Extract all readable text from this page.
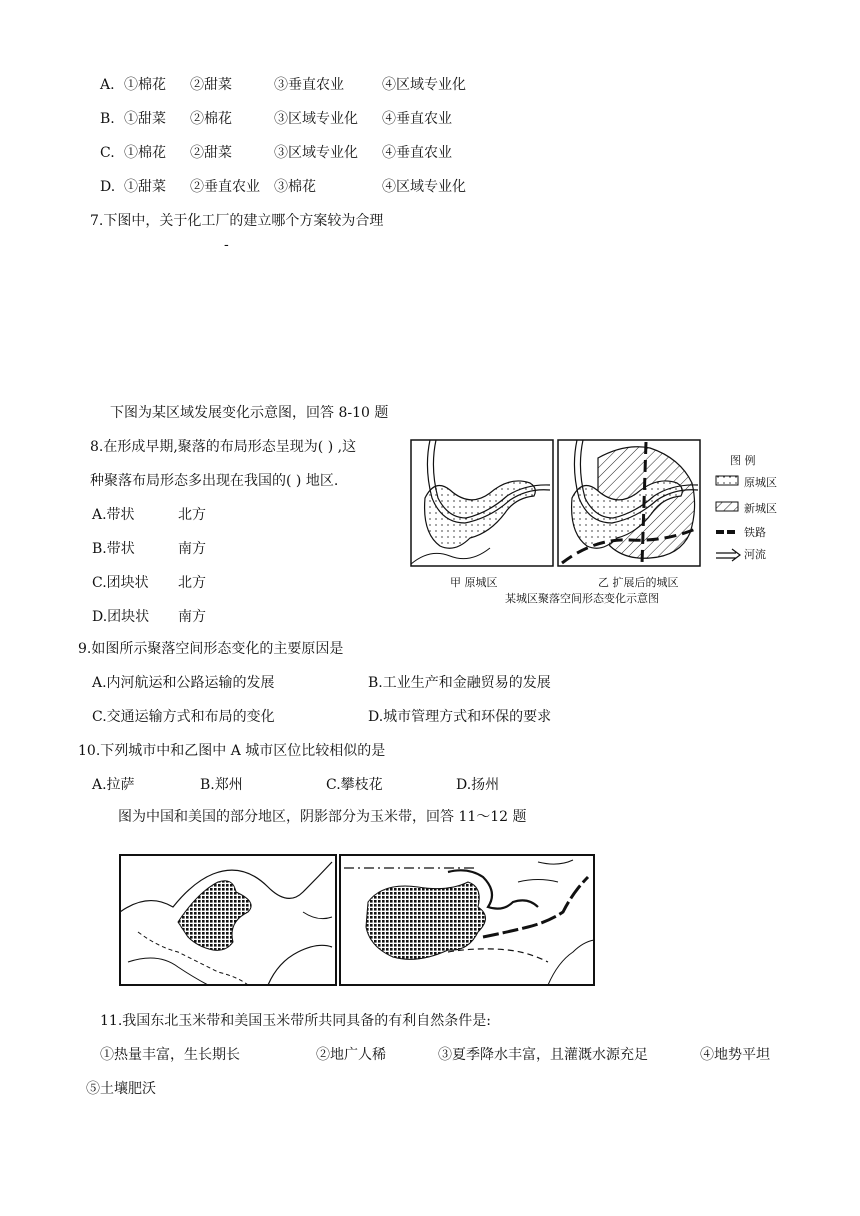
A. ①棉花 ②甜菜	③垂直农业	④区域专业化
B. ①甜菜 ②棉花	③区域专业化 ④垂直农业
C. ①棉花 ②甜菜	③区域专业化 ④垂直农业
D. ①甜菜 ②垂直农业 ③棉花	④区域专业化
7.下图中，关于化工厂的建立哪个方案较为合理
-
下图为某区域发展变化示意图，回答 8-10 题
8.在形成早期,聚落的布局形态呈现为( ) ,这
种聚落布局形态多出现在我国的( ) 地区.
A.带状	北方
B.带状	南方
C.团块状 北方
D.团块状 南方
图 例
原城区
新城区
铁路
河流
甲 原城区	乙 扩展后的城区
某城区聚落空间形态变化示意图
9.如图所示聚落空间形态变化的主要原因是
A.内河航运和公路运输的发展	B.工业生产和金融贸易的发展
C.交通运输方式和布局的变化	D.城市管理方式和环保的要求
10.下列城市中和乙图中 A 城市区位比较相似的是
A.拉萨	B.郑州	C.攀枝花	D.扬州
图为中国和美国的部分地区，阴影部分为玉米带，回答 11～12 题
11.我国东北玉米带和美国玉米带所共同具备的有利自然条件是:
①热量丰富，生长期长	②地广人稀	③夏季降水丰富，且灌溉水源充足	④地势平坦
⑤土壤肥沃
